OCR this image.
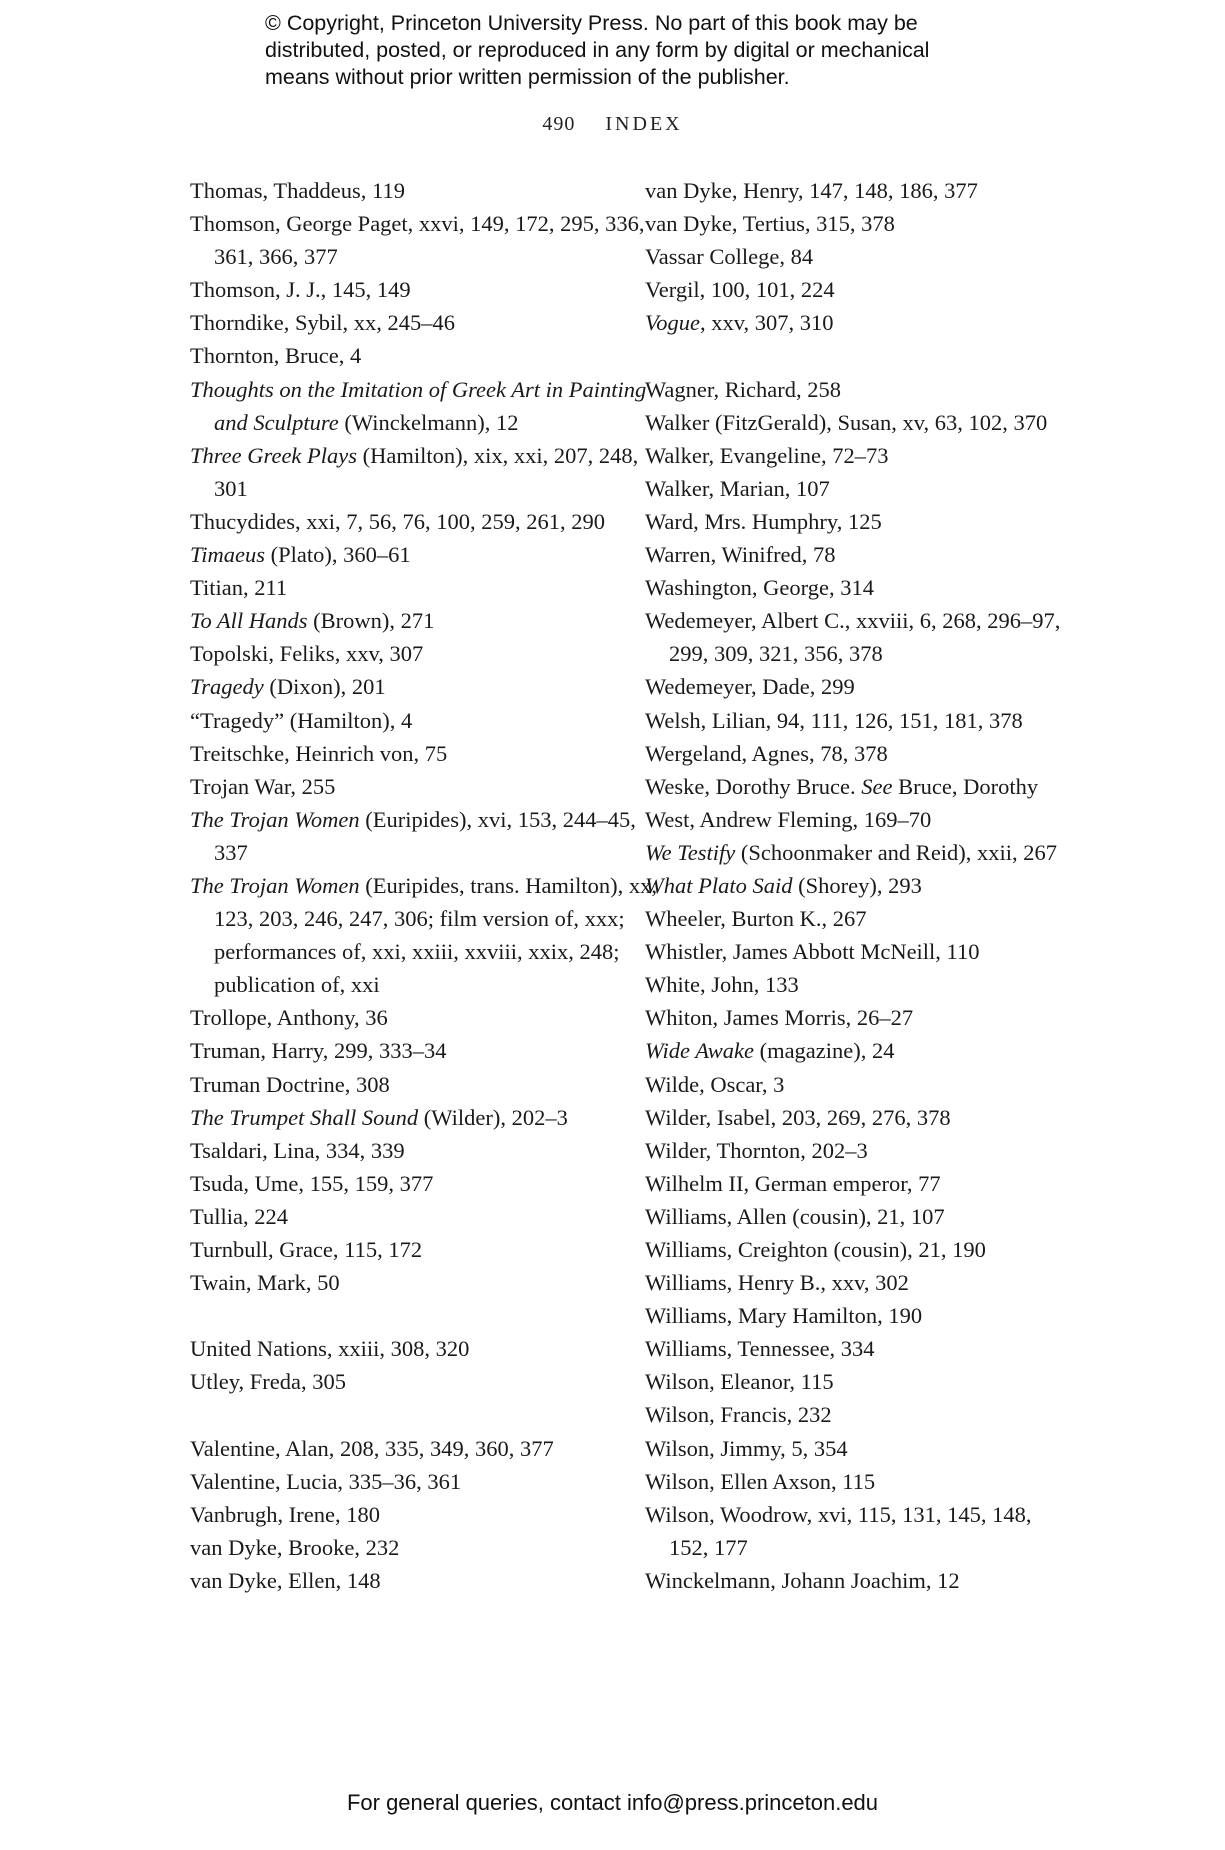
© Copyright, Princeton University Press. No part of this book may be
distributed, posted, or reproduced in any form by digital or mechanical
means without prior written permission of the publisher.
490 INDEX

Thomas, Thaddeus, 119

Thomson, George Paget, xxvi, 149, 172, 295, 336, 361, 366, 377

Thomson, J. J., 145, 149

Thorndike, Sybil, xx, 245–46

Thornton, Bruce, 4

Thoughts on the Imitation of Greek Art in Painting and Sculpture (Winckelmann), 12

Three Greek Plays (Hamilton), xix, xxi, 207, 248, 301

Thucydides, xxi, 7, 56, 76, 100, 259, 261, 290

Timaeus (Plato), 360–61

Titian, 211

To All Hands (Brown), 271

Topolski, Feliks, xxv, 307

Tragedy (Dixon), 201

“Tragedy” (Hamilton), 4

Treitschke, Heinrich von, 75

Trojan War, 255

The Trojan Women (Euripides), xvi, 153, 244–45, 337

The Trojan Women (Euripides, trans. Hamilton), xx, 123, 203, 246, 247, 306; film version of, xxx; performances of, xxi, xxiii, xxviii, xxix, 248; publication of, xxi

Trollope, Anthony, 36

Truman, Harry, 299, 333–34

Truman Doctrine, 308

The Trumpet Shall Sound (Wilder), 202–3

Tsaldari, Lina, 334, 339

Tsuda, Ume, 155, 159, 377

Tullia, 224

Turnbull, Grace, 115, 172

Twain, Mark, 50

United Nations, xxiii, 308, 320

Utley, Freda, 305

Valentine, Alan, 208, 335, 349, 360, 377

Valentine, Lucia, 335–36, 361

Vanbrugh, Irene, 180

van Dyke, Brooke, 232

van Dyke, Ellen, 148

van Dyke, Henry, 147, 148, 186, 377

van Dyke, Tertius, 315, 378

Vassar College, 84

Vergil, 100, 101, 224

Vogue, xxv, 307, 310

Wagner, Richard, 258

Walker (FitzGerald), Susan, xv, 63, 102, 370

Walker, Evangeline, 72–73

Walker, Marian, 107

Ward, Mrs. Humphry, 125

Warren, Winifred, 78

Washington, George, 314

Wedemeyer, Albert C., xxviii, 6, 268, 296–97, 299, 309, 321, 356, 378

Wedemeyer, Dade, 299

Welsh, Lilian, 94, 111, 126, 151, 181, 378

Wergeland, Agnes, 78, 378

Weske, Dorothy Bruce. See Bruce, Dorothy

West, Andrew Fleming, 169–70

We Testify (Schoonmaker and Reid), xxii, 267

What Plato Said (Shorey), 293

Wheeler, Burton K., 267

Whistler, James Abbott McNeill, 110

White, John, 133

Whiton, James Morris, 26–27

Wide Awake (magazine), 24

Wilde, Oscar, 3

Wilder, Isabel, 203, 269, 276, 378

Wilder, Thornton, 202–3

Wilhelm II, German emperor, 77

Williams, Allen (cousin), 21, 107

Williams, Creighton (cousin), 21, 190

Williams, Henry B., xxv, 302

Williams, Mary Hamilton, 190

Williams, Tennessee, 334

Wilson, Eleanor, 115

Wilson, Francis, 232

Wilson, Jimmy, 5, 354

Wilson, Ellen Axson, 115

Wilson, Woodrow, xvi, 115, 131, 145, 148, 152, 177

Winckelmann, Johann Joachim, 12

For general queries, contact info@press.princeton.edu
